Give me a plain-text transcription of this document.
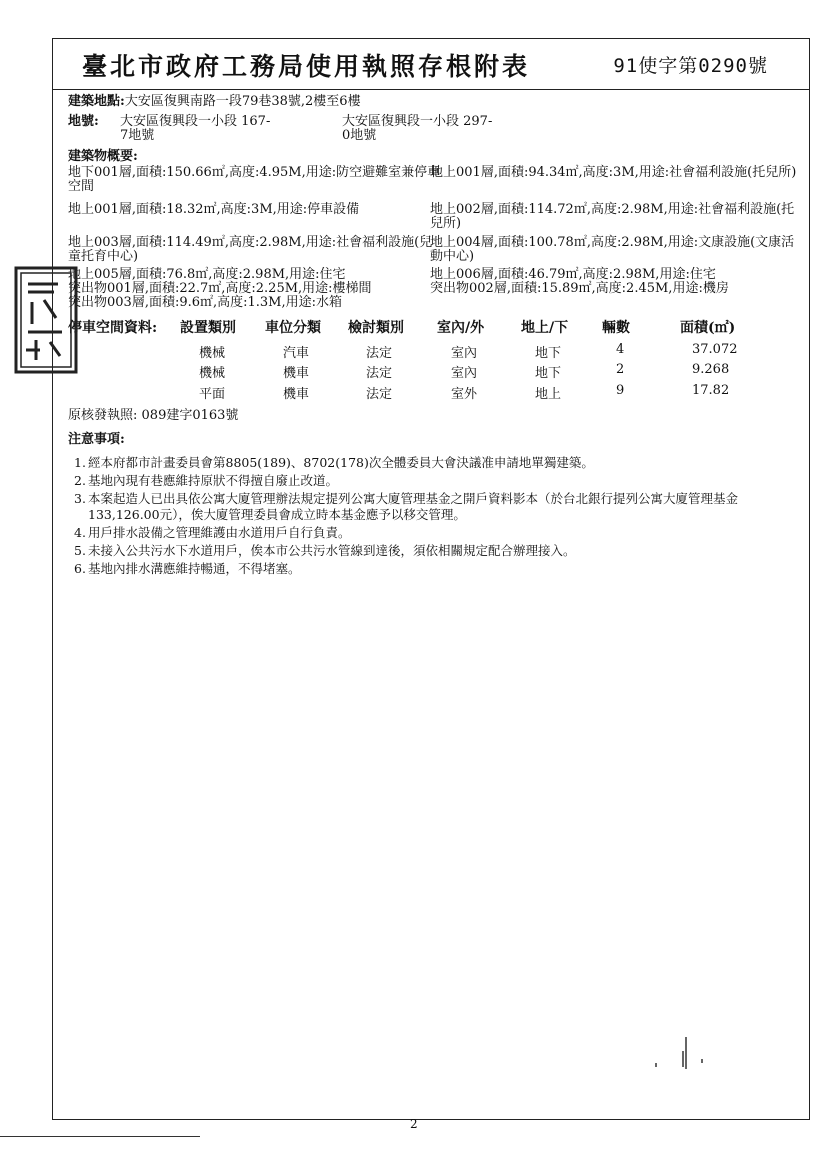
臺北市政府工務局使用執照存根附表	91使字第0290號
建築地點:大安區復興南路一段79巷38號,2樓至6樓
地號: 大安區復興段一小段 167-
7地號
大安區復興段一小段 297-
0地號
建築物概要:
地下001層,面積:150.66㎡,高度:4.95M,用途:防空避難室兼停車
空間
地上001層,面積:94.34㎡,高度:3M,用途:社會福利設施(托兒所)
地上001層,面積:18.32㎡,高度:3M,用途:停車設備	地上002層,面積:114.72㎡,高度:2.98M,用途:社會福利設施(托
兒所)
地上003層,面積:114.49㎡,高度:2.98M,用途:社會福利設施(兒
童托育中心)
地上004層,面積:100.78㎡,高度:2.98M,用途:文康設施(文康活
動中心)
地上005層,面積:76.8㎡,高度:2.98M,用途:住宅	地上006層,面積:46.79㎡,高度:2.98M,用途:住宅
突出物001層,面積:22.7㎡,高度:2.25M,用途:樓梯間	突出物002層,面積:15.89㎡,高度:2.45M,用途:機房
突出物003層,面積:9.6㎡,高度:1.3M,用途:水箱
停車空間資料: 設置類別 車位分類 檢討類別 室內/外	地上/下 輛數	面積(㎡)
機械	汽車	法定	室內	地下	4	37.072
機械	機車	法定	室內	地下	2	9.268
平面	機車	法定	室外	地上	9	17.82
原核發執照: 089建字0163號
注意事項:
1. 經本府都市計畫委員會第8805(189)、8702(178)次全體委員大會決議准申請地單獨建築。
2. 基地內現有巷應維持原狀不得擅自廢止改道。
3. 本案起造人已出具依公寓大廈管理辦法規定提列公寓大廈管理基金之開戶資料影本（於台北銀行提列公寓大廈管理基金133,126.00元），俟大廈管理委員會成立時本基金應予以移交管理。
4. 用戶排水設備之管理維護由水道用戶自行負責。
5. 未接入公共污水下水道用戶，俟本市公共污水管線到達後，須依相關規定配合辦理接入。
6. 基地內排水溝應維持暢通，不得堵塞。
2
